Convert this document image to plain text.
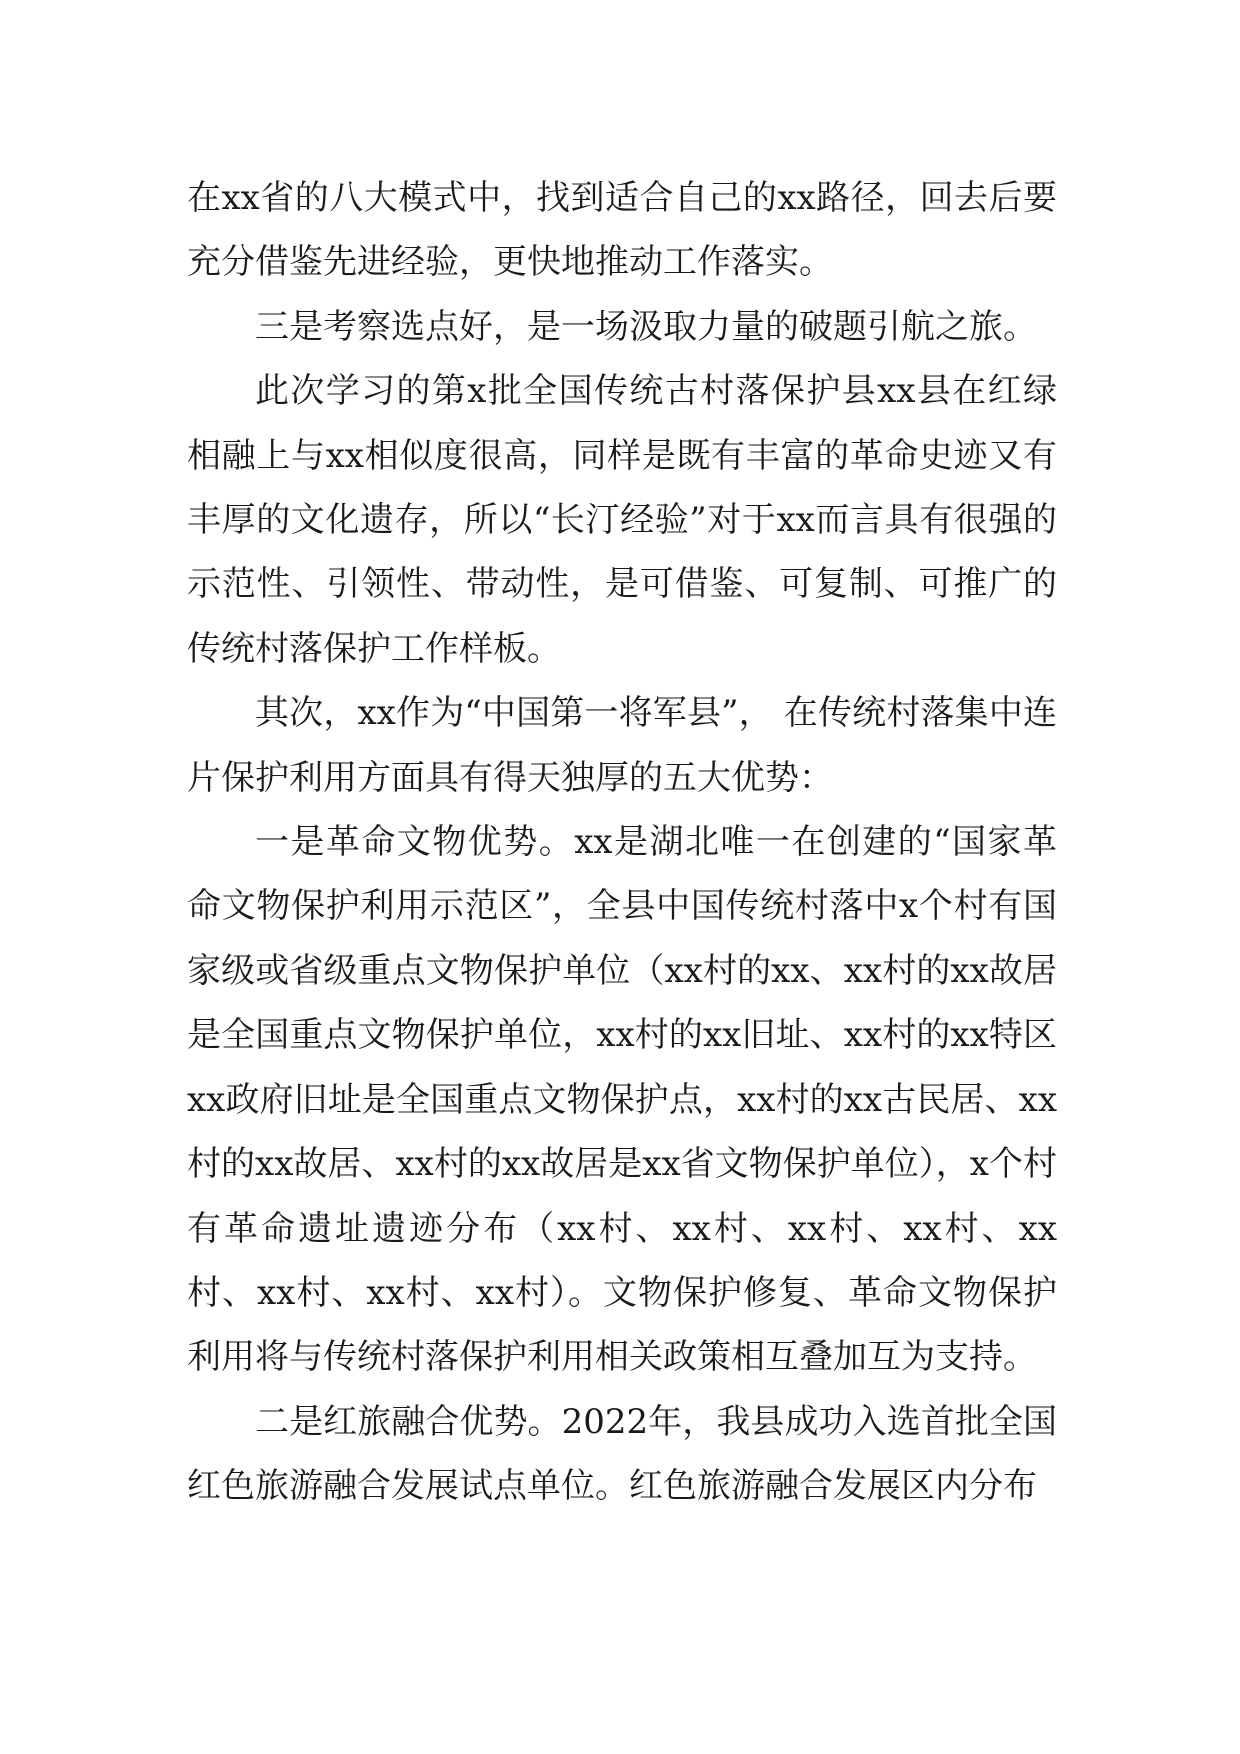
在xx省的八大模式中，找到适合自己的xx路径，回去后要充分借鉴先进经验，更快地推动工作落实。

三是考察选点好，是一场汲取力量的破题引航之旅。

此次学习的第x批全国传统古村落保护县xx县在红绿相融上与xx相似度很高，同样是既有丰富的革命史迹又有丰厚的文化遗存，所以“长汀经验”对于xx而言具有很强的示范性、引领性、带动性，是可借鉴、可复制、可推广的传统村落保护工作样板。

其次，xx作为“中国第一将军县”， 在传统村落集中连片保护利用方面具有得天独厚的五大优势：

一是革命文物优势。xx是湖北唯一在创建的“国家革命文物保护利用示范区”，全县中国传统村落中x个村有国家级或省级重点文物保护单位（xx村的xx、xx村的xx故居是全国重点文物保护单位，xx村的xx旧址、xx村的xx特区xx政府旧址是全国重点文物保护点，xx村的xx古民居、xx村的xx故居、xx村的xx故居是xx省文物保护单位），x个村有革命遗址遗迹分布（xx村、xx村、xx村、xx村、xx村、xx村、xx村、xx村）。文物保护修复、革命文物保护利用将与传统村落保护利用相关政策相互叠加互为支持。

二是红旅融合优势。2022年，我县成功入选首批全国红色旅游融合发展试点单位。红色旅游融合发展区内分布
